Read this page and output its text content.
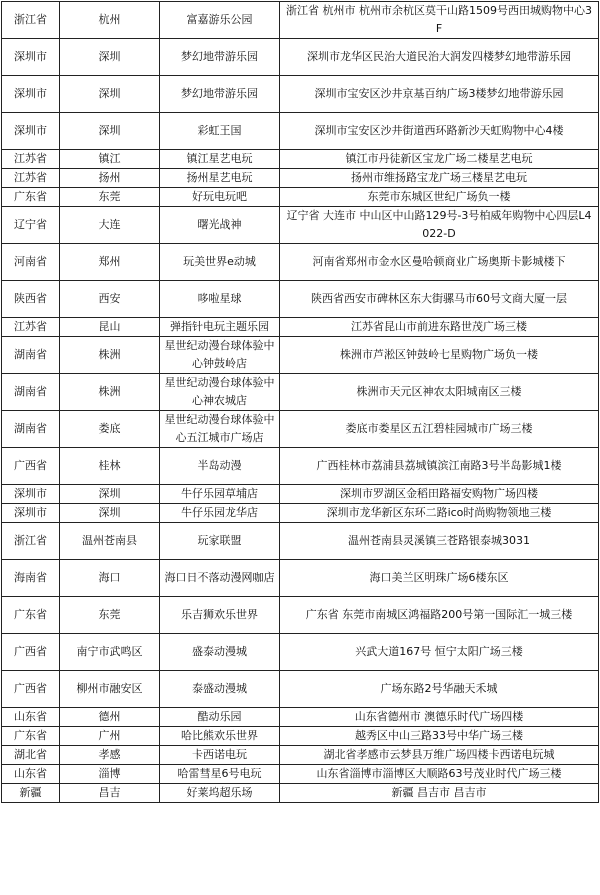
浙江省	杭州	富嘉游乐公园	浙江省 杭州市 杭州市余杭区莫干山路1509号西田城购物中心3F
深圳市	深圳	梦幻地带游乐园	深圳市龙华区民治大道民治大润发四楼梦幻地带游乐园
深圳市	深圳	梦幻地带游乐园	深圳市宝安区沙井京基百纳广场3楼梦幻地带游乐园
深圳市	深圳	彩虹王国	深圳市宝安区沙井街道西环路新沙天虹购物中心4楼
江苏省	镇江	镇江星艺电玩	镇江市丹徒新区宝龙广场二楼星艺电玩
江苏省	扬州	扬州星艺电玩	扬州市维扬路宝龙广场三楼星艺电玩
广东省	东莞	好玩电玩吧	东莞市东城区世纪广场负一楼
辽宁省	大连	曙光战神	辽宁省 大连市 中山区中山路129号-3号柏威年购物中心四层L4022-D
河南省	郑州	玩美世界e动城	河南省郑州市金水区曼哈顿商业广场奥斯卡影城楼下
陕西省	西安	哆啦星球	陕西省西安市碑林区东大街骡马市60号文商大厦一层
江苏省	昆山	弹指针电玩主题乐园	江苏省昆山市前进东路世茂广场三楼
湖南省	株洲	星世纪动漫台球体验中心钟鼓岭店	株洲市芦淞区钟鼓岭七星购物广场负一楼
湖南省	株洲	星世纪动漫台球体验中心神农城店	株洲市天元区神农太阳城南区三楼
湖南省	娄底	星世纪动漫台球体验中心五江城市广场店	娄底市娄星区五江碧桂园城市广场三楼
广西省	桂林	半岛动漫	广西桂林市荔浦县荔城镇滨江南路3号半岛影城1楼
深圳市	深圳	牛仔乐园草埔店	深圳市罗湖区金稻田路福安购物广场四楼
深圳市	深圳	牛仔乐园龙华店	深圳市龙华新区东环二路ico时尚购物领地三楼
浙江省	温州苍南县	玩家联盟	温州苍南县灵溪镇三苍路银泰城3031
海南省	海口	海口日不落动漫网咖店	海口美兰区明珠广场6楼东区
广东省	东莞	乐吉狮欢乐世界	广东省 东莞市南城区鸿福路200号第一国际汇一城三楼
广西省	南宁市武鸣区	盛泰动漫城	兴武大道167号 恒宁太阳广场三楼
广西省	柳州市融安区	泰盛动漫城	广场东路2号华融天禾城
山东省	德州	酷动乐园	山东省德州市 澳德乐时代广场四楼
广东省	广州	哈比熊欢乐世界	越秀区中山三路33号中华广场三楼
湖北省	孝感	卡西诺电玩	湖北省孝感市云梦县万维广场四楼卡西诺电玩城
山东省	淄博	哈雷彗星6号电玩	山东省淄博市淄博区大顺路63号茂业时代广场三楼
新疆	昌吉	好莱坞超乐场	新疆 昌吉市 昌吉市
